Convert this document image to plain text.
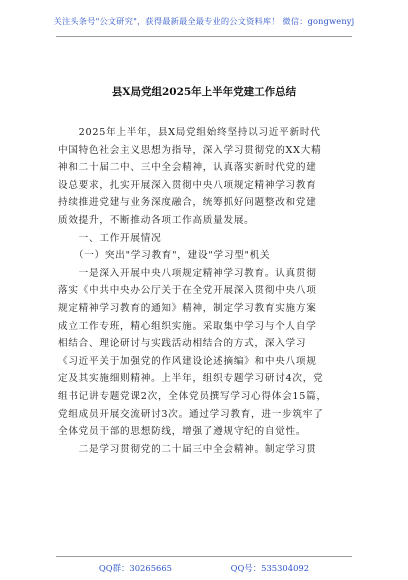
关注头条号"公文研究"，获得最新最全最专业的公文资料库！ 微信：gongwenyj
县X局党组2025年上半年党建工作总结
　　2025年上半年，县X局党组始终坚持以习近平新时代
中国特色社会主义思想为指导，深入学习贯彻党的XX大精
神和二十届二中、三中全会精神，认真落实新时代党的建
设总要求，扎实开展深入贯彻中央八项规定精神学习教育
持续推进党建与业务深度融合，统筹抓好问题整改和党建
质效提升，不断推动各项工作高质量发展。
　　一、工作开展情况
　　（一）突出"学习教育"，建设"学习型"机关
　　一是深入开展中央八项规定精神学习教育。认真贯彻
落实《中共中央办公厅关于在全党开展深入贯彻中央八项
规定精神学习教育的通知》精神，制定学习教育实施方案
成立工作专班，精心组织实施。采取集中学习与个人自学
相结合、理论研讨与实践活动相结合的方式，深入学习
《习近平关于加强党的作风建设论述摘编》和中央八项规
定及其实施细则精神。上半年，组织专题学习研讨4次，党
组书记讲专题党课2次，全体党员撰写学习心得体会15篇，
党组成员开展交流研讨3次。通过学习教育，进一步筑牢了
全体党员干部的思想防线，增强了遵规守纪的自觉性。
　　二是学习贯彻党的二十届三中全会精神。制定学习贯
QQ群：30265665　　　　　　　QQ号：535304092
